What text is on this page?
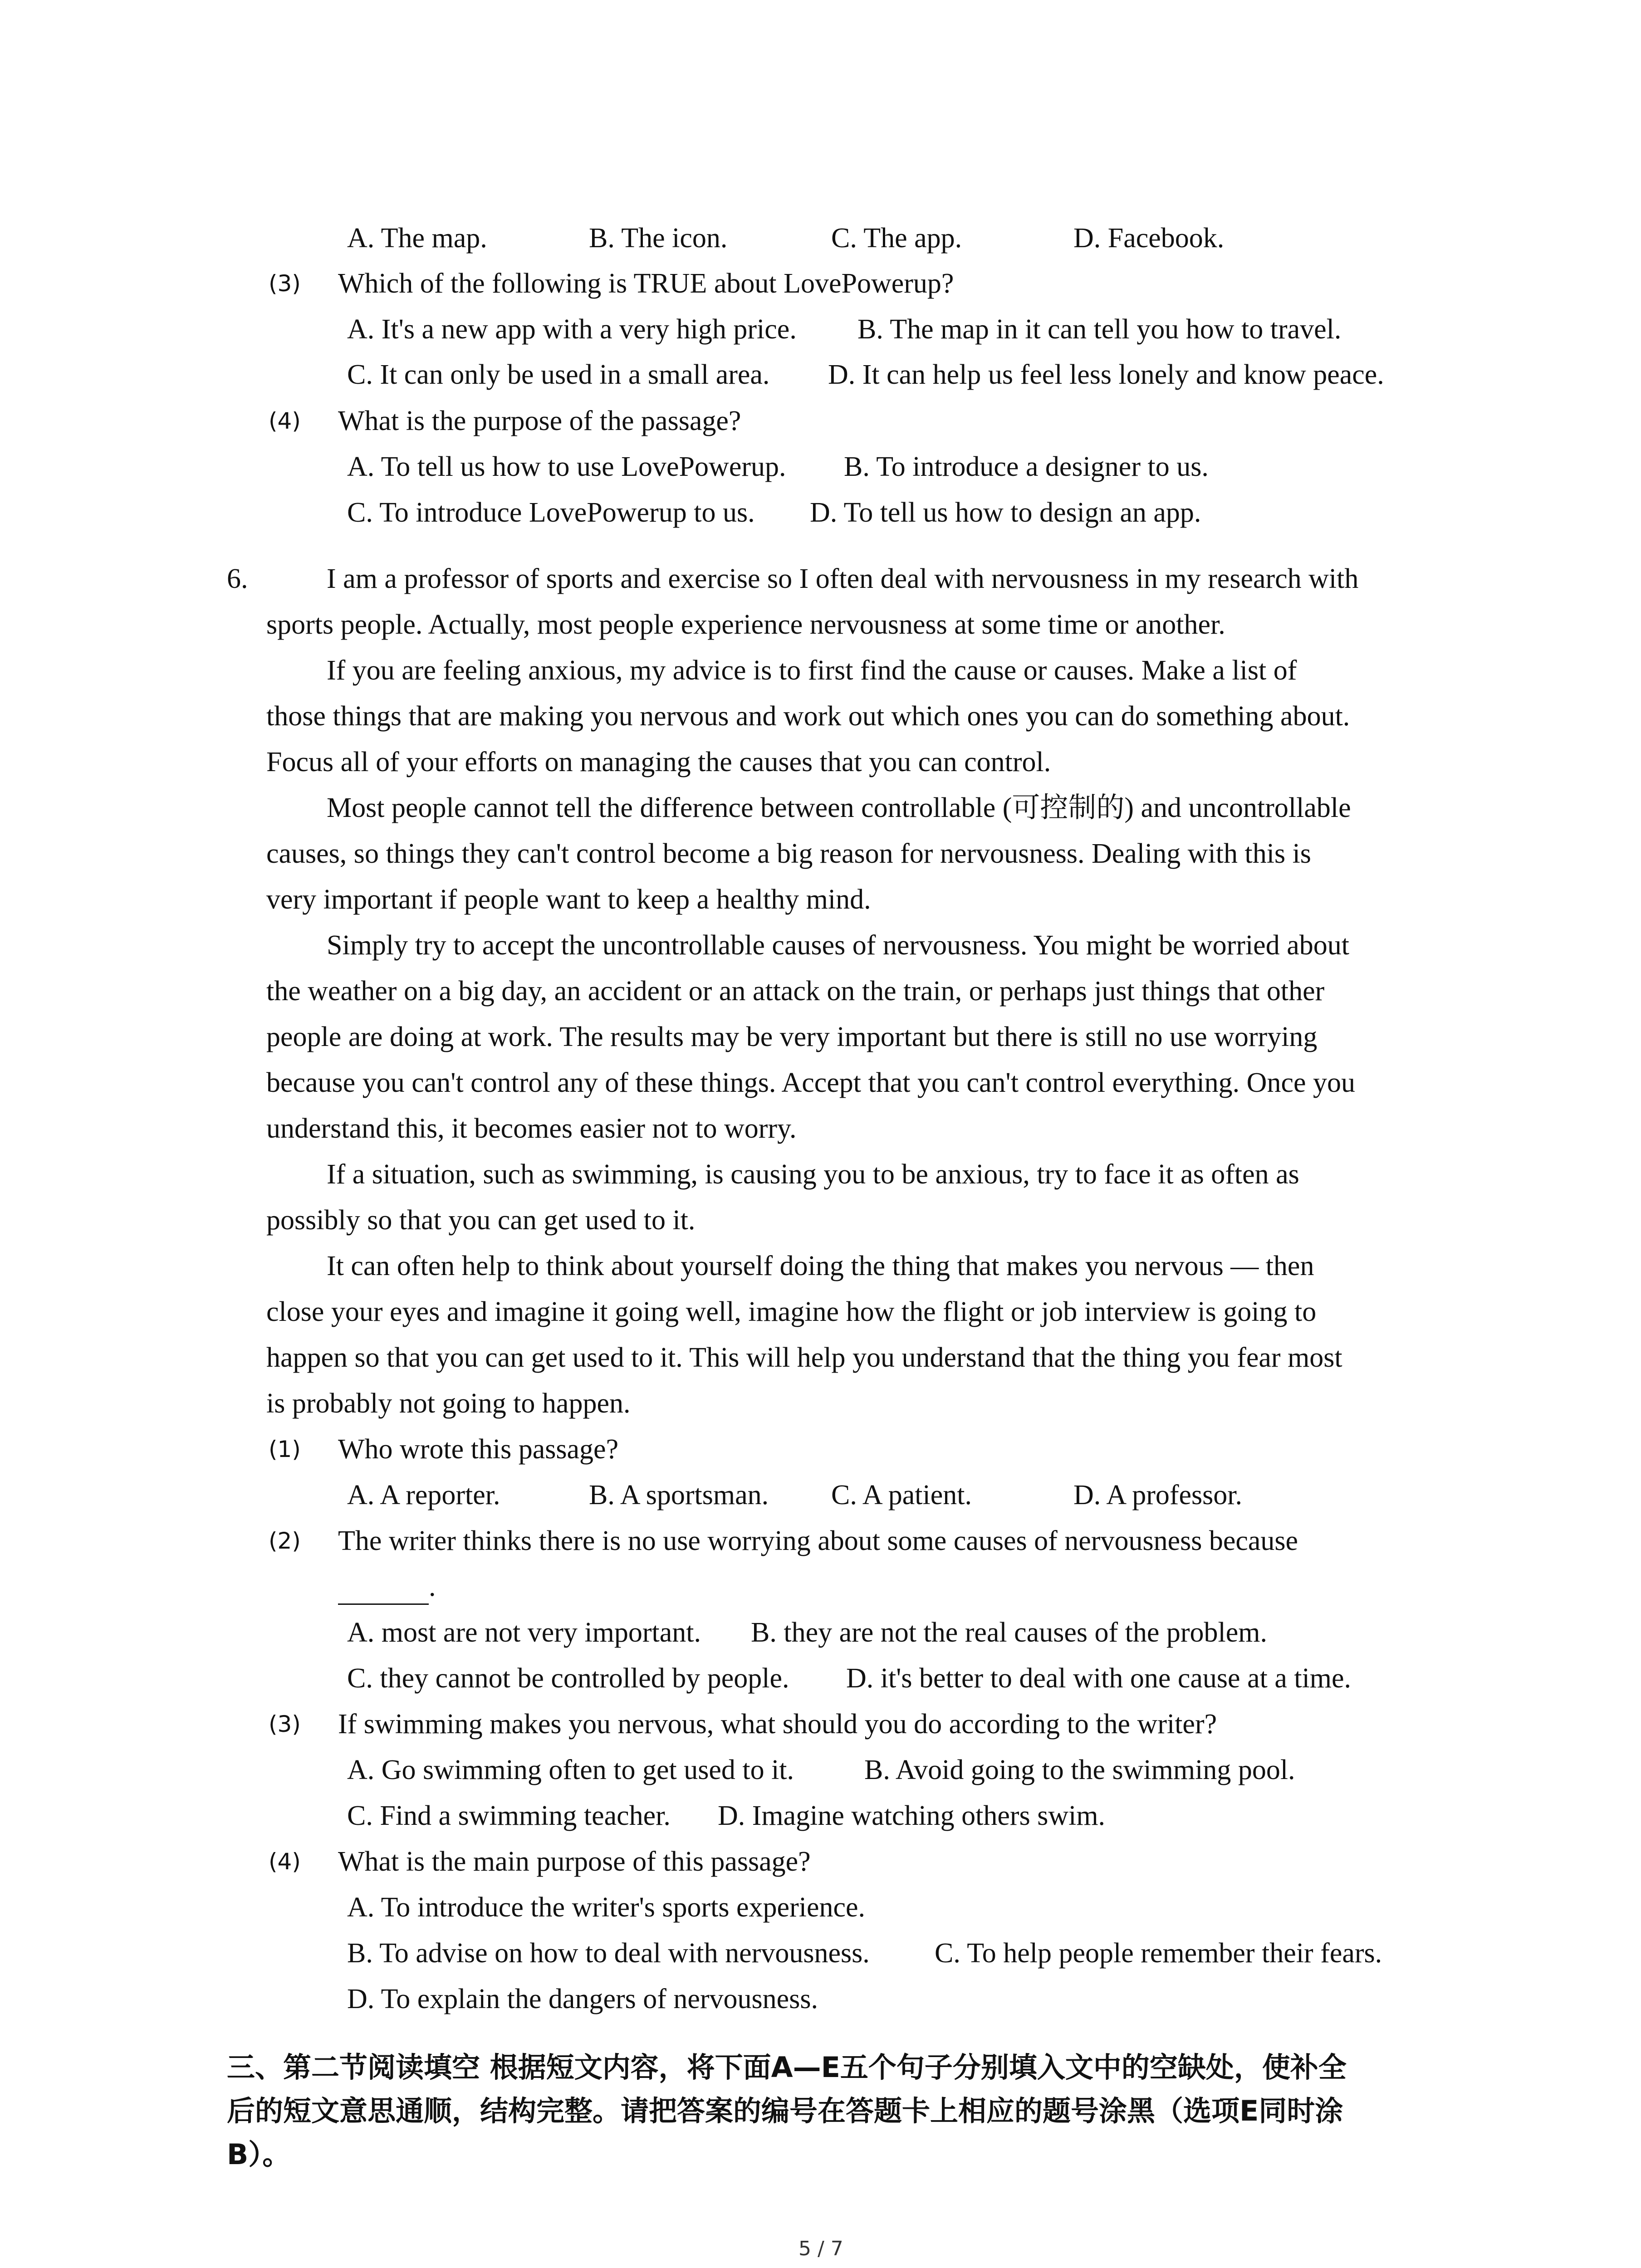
A. The map.	B. The icon.	C. The app.	D. Facebook.
(3) Which of the following is TRUE about LovePowerup?
A. It's a new app with a very high price. B. The map in it can tell you how to travel.
C. It can only be used in a small area. D. It can help us feel less lonely and know peace.
(4) What is the purpose of the passage?
A. To tell us how to use LovePowerup. B. To introduce a designer to us.
C. To introduce LovePowerup to us. D. To tell us how to design an app.
6.	I am a professor of sports and exercise so I often deal with nervousness in my research with
sports people. Actually, most people experience nervousness at some time or another.
If you are feeling anxious, my advice is to first find the cause or causes. Make a list of
those things that are making you nervous and work out which ones you can do something about.
Focus all of your efforts on managing the causes that you can control.
Most people cannot tell the difference between controllable (可控制的) and uncontrollable
causes, so things they can't control become a big reason for nervousness. Dealing with this is
very important if people want to keep a healthy mind.
Simply try to accept the uncontrollable causes of nervousness. You might be worried about
the weather on a big day, an accident or an attack on the train, or perhaps just things that other
people are doing at work. The results may be very important but there is still no use worrying
because you can't control any of these things. Accept that you can't control everything. Once you
understand this, it becomes easier not to worry.
If a situation, such as swimming, is causing you to be anxious, try to face it as often as
possibly so that you can get used to it.
It can often help to think about yourself doing the thing that makes you nervous — then
close your eyes and imagine it going well, imagine how the flight or job interview is going to
happen so that you can get used to it. This will help you understand that the thing you fear most
is probably not going to happen.
(1) Who wrote this passage?
A. A reporter.	B. A sportsman. C. A patient.	D. A professor.
(2) The writer thinks there is no use worrying about some causes of nervousness because
.
A. most are not very important. B. they are not the real causes of the problem.
C. they cannot be controlled by people. D. it's better to deal with one cause at a time.
(3) If swimming makes you nervous, what should you do according to the writer?
A. Go swimming often to get used to it. B. Avoid going to the swimming pool.
C. Find a swimming teacher. D. Imagine watching others swim.
(4) What is the main purpose of this passage?
A. To introduce the writer's sports experience.
B. To advise on how to deal with nervousness. C. To help people remember their fears.
D. To explain the dangers of nervousness.
三、第二节阅读填空 根据短文内容，将下面A—E五个句子分别填入文中的空缺处，使补全
后的短文意思通顺，结构完整。请把答案的编号在答题卡上相应的题号涂黑（选项E同时涂
B）。
5 / 7
